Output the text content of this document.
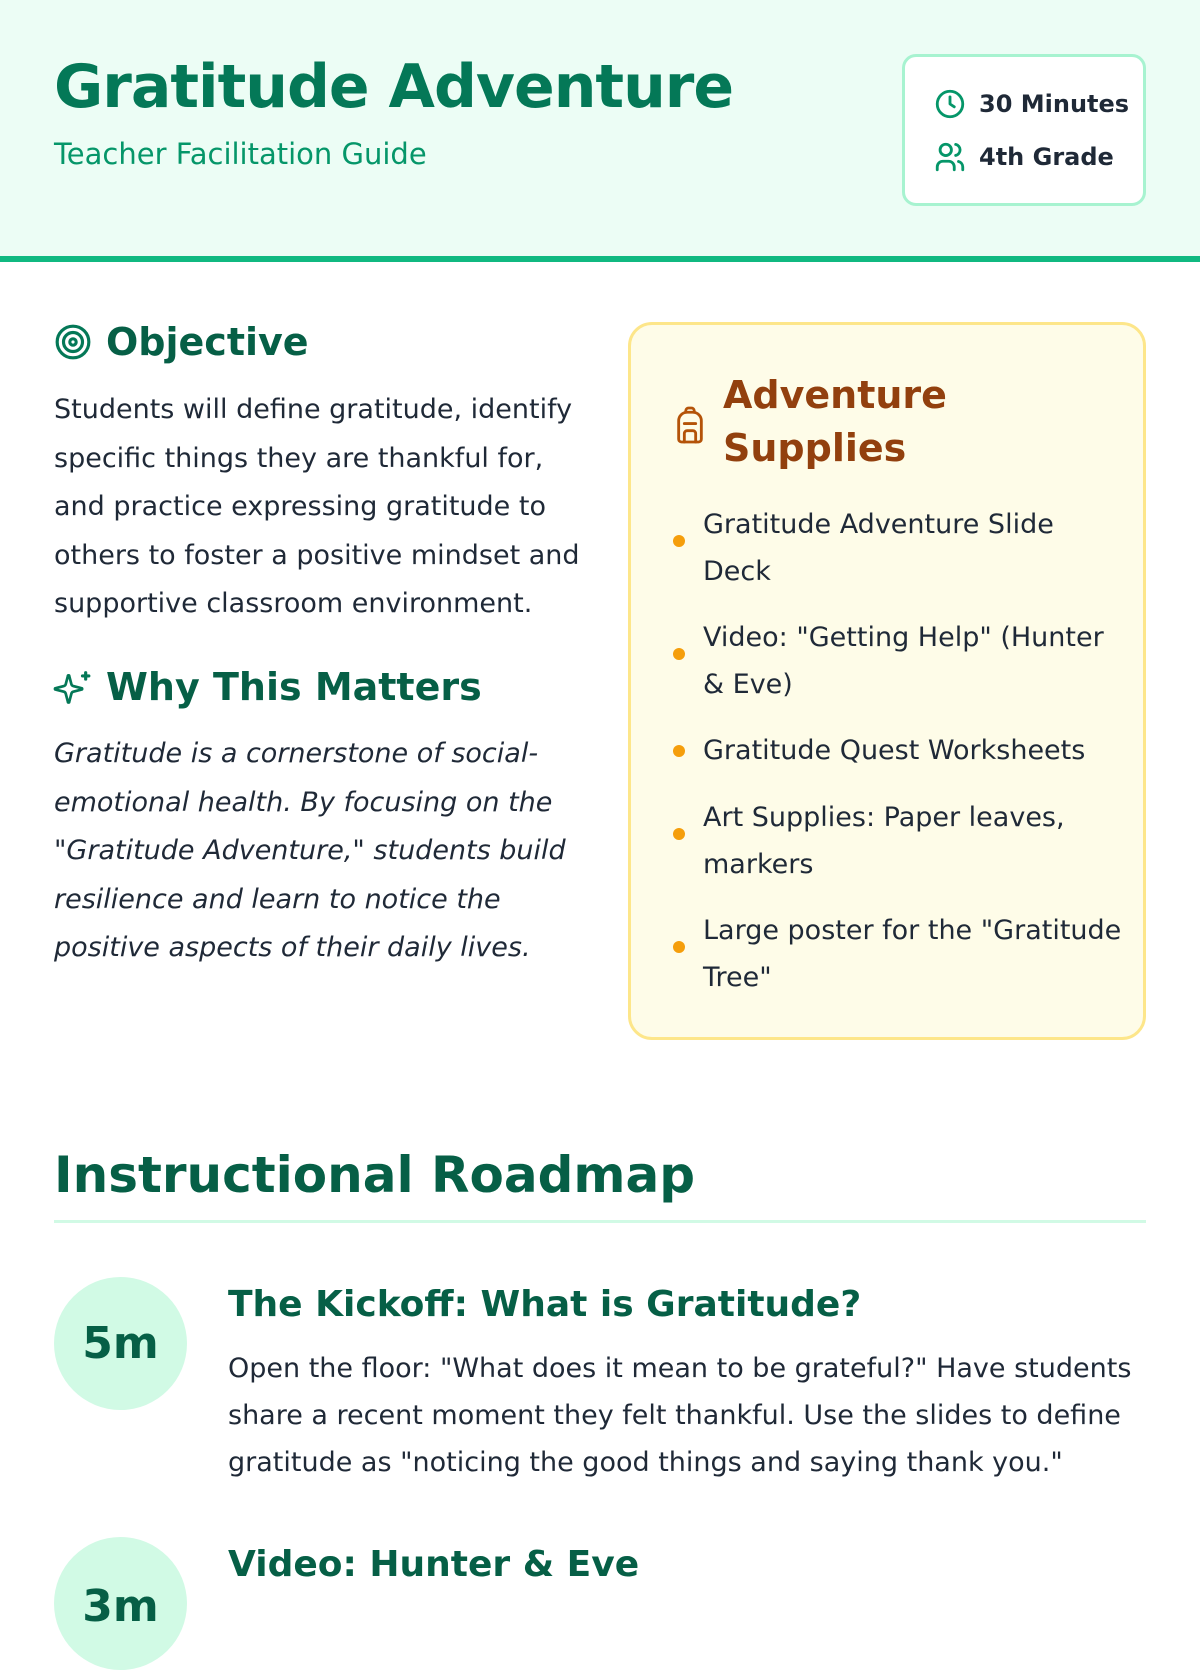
Gratitude Adventure
Teacher Facilitation Guide
30 Minutes
4th Grade
Objective
Students will define gratitude, identify specific things they are thankful for, and practice expressing gratitude to others to foster a positive mindset and supportive classroom environment.
Why This Matters
Gratitude is a cornerstone of social-emotional health. By focusing on the "Gratitude Adventure," students build resilience and learn to notice the positive aspects of their daily lives.
Adventure Supplies
Gratitude Adventure Slide Deck
Video: "Getting Help" (Hunter & Eve)
Gratitude Quest Worksheets
Art Supplies: Paper leaves, markers
Large poster for the "Gratitude Tree"
Instructional Roadmap
5m
The Kickoff: What is Gratitude?
Open the floor: "What does it mean to be grateful?" Have students share a recent moment they felt thankful. Use the slides to define gratitude as "noticing the good things and saying thank you."
3m
Video: Hunter & Eve
